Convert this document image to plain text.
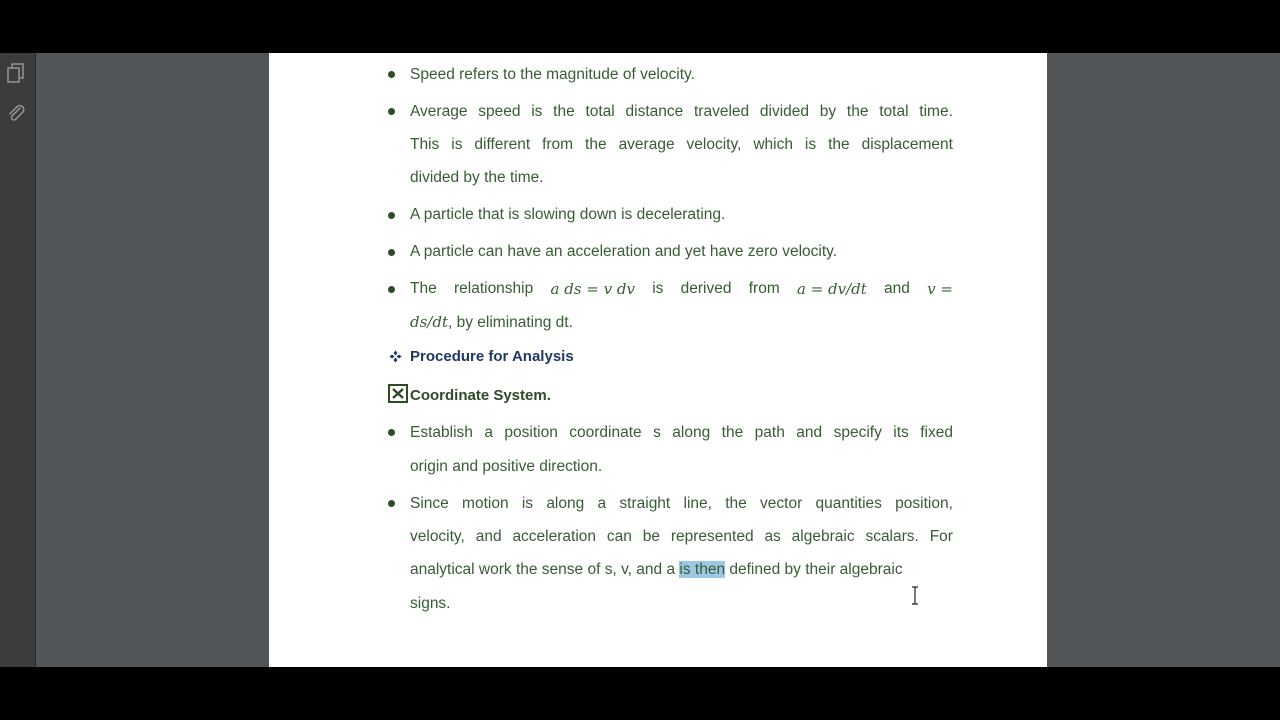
Speed refers to the magnitude of velocity.
Average speed is the total distance traveled divided by the total time.
This is different from the average velocity, which is the displacement
divided by the time.
A particle that is slowing down is decelerating.
A particle can have an acceleration and yet have zero velocity.
The relationship a ds = v dv is derived from a = dv/dt and v =
ds/dt, by eliminating dt.
Procedure for Analysis
Coordinate System.
Establish a position coordinate s along the path and specify its fixed
origin and positive direction.
Since motion is along a straight line, the vector quantities position,
velocity, and acceleration can be represented as algebraic scalars. For
analytical work the sense of s, v, and a is then defined by their algebraic
signs.
